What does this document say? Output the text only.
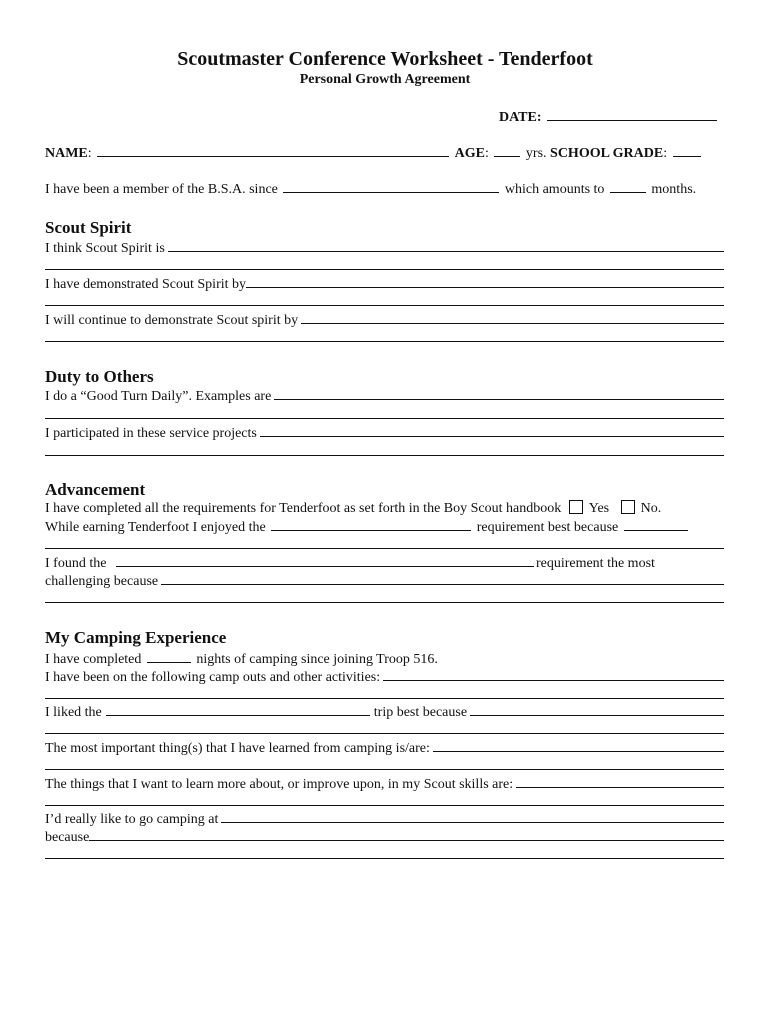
Scoutmaster Conference Worksheet - Tenderfoot
Personal Growth Agreement
DATE:
NAME:	AGE:	yrs. SCHOOL GRADE:
I have been a member of the B.S.A. since	which amounts to	months.
Scout Spirit
I think Scout Spirit is
I have demonstrated Scout Spirit by
I will continue to demonstrate Scout spirit by
Duty to Others
I do a “Good Turn Daily”. Examples are
I participated in these service projects
Advancement
I have completed all the requirements for Tenderfoot as set forth in the Boy Scout handbook Yes No.
While earning Tenderfoot I enjoyed the	requirement best because
I found the	requirement the most
challenging because
My Camping Experience
I have completed	nights of camping since joining Troop 516.
I have been on the following camp outs and other activities:
I liked the	trip best because
The most important thing(s) that I have learned from camping is/are:
The things that I want to learn more about, or improve upon, in my Scout skills are:
I’d really like to go camping at
because
